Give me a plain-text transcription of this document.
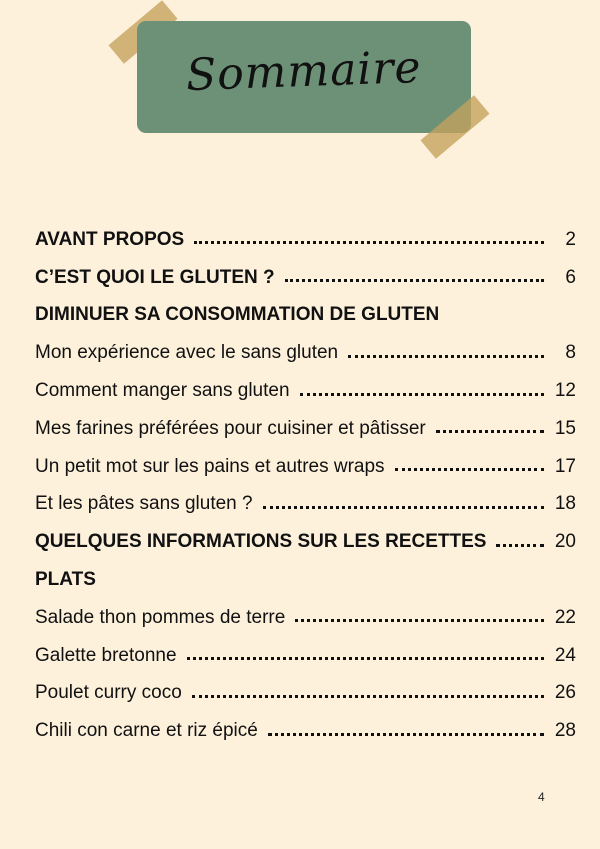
Sommaire
AVANT PROPOS	2
C’EST QUOI LE GLUTEN ?	6
DIMINUER SA CONSOMMATION DE GLUTEN
Mon expérience avec le sans gluten	8
Comment manger sans gluten	12
Mes farines préférées pour cuisiner et pâtisser	15
Un petit mot sur les pains et autres wraps	17
Et les pâtes sans gluten ?	18
QUELQUES INFORMATIONS SUR LES RECETTES	20
PLATS
Salade thon pommes de terre	22
Galette bretonne	24
Poulet curry coco	26
Chili con carne et riz épicé	28
4
